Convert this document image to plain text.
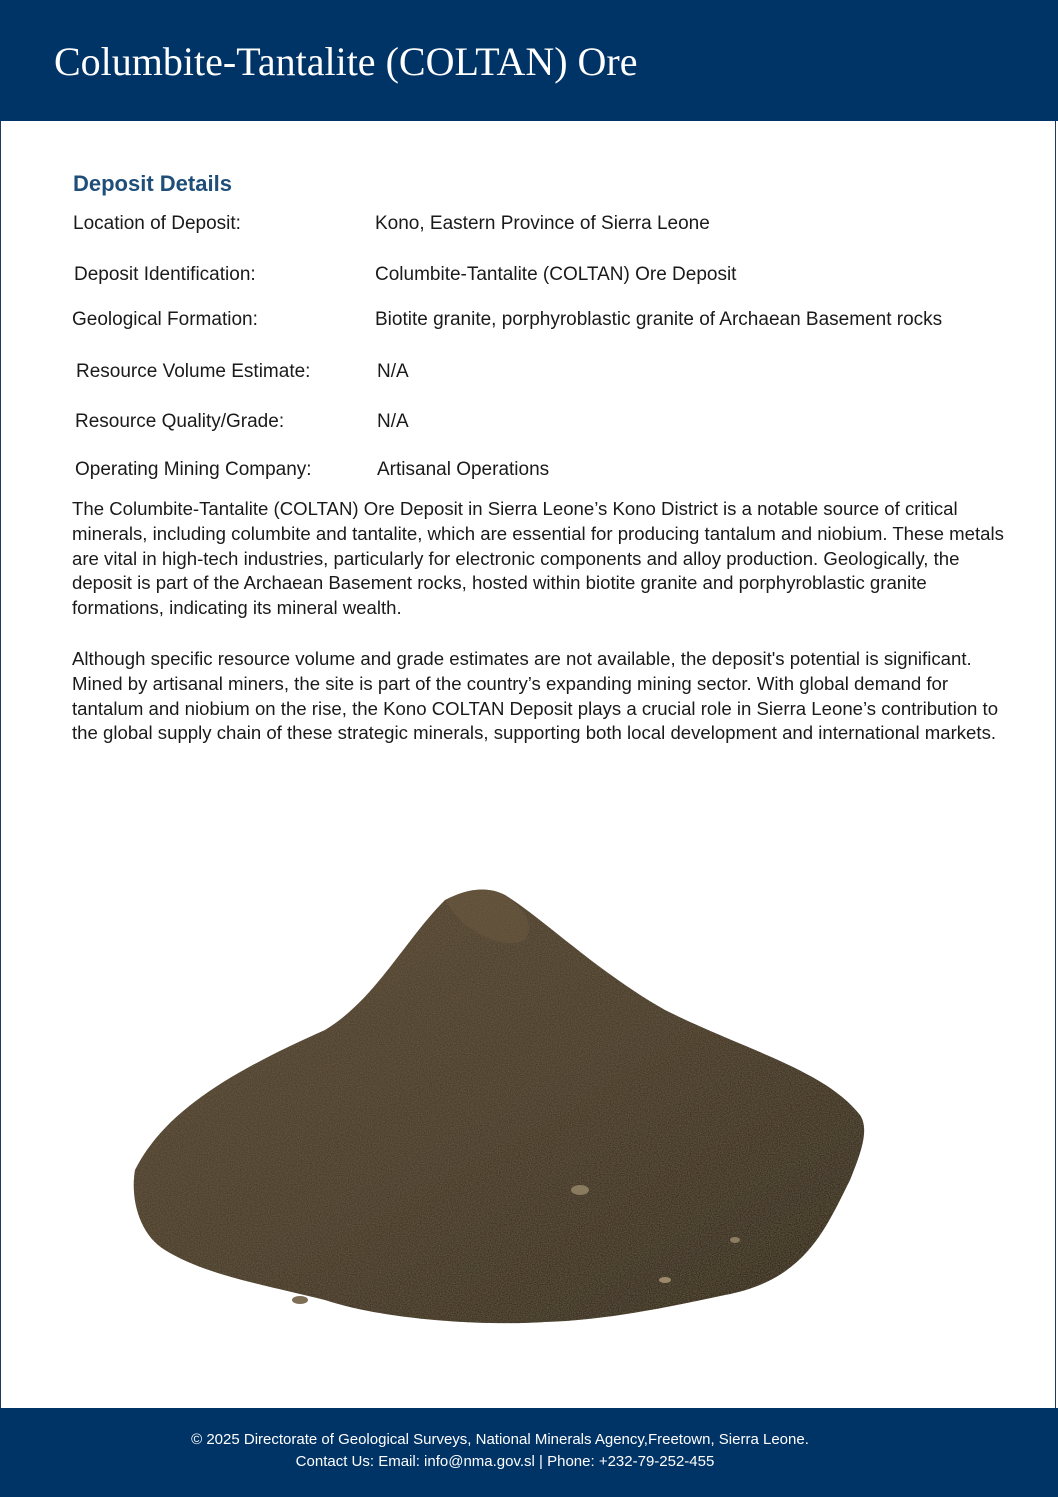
Columbite-Tantalite (COLTAN) Ore
Deposit Details
Location of Deposit:	Kono, Eastern Province of Sierra Leone
Deposit Identification:	Columbite-Tantalite (COLTAN) Ore Deposit
Geological Formation:	Biotite granite, porphyroblastic granite of Archaean Basement rocks
Resource Volume Estimate:	N/A
Resource Quality/Grade:	N/A
Operating Mining Company:	Artisanal Operations

The Columbite-Tantalite (COLTAN) Ore Deposit in Sierra Leone’s Kono District is a notable source of critical minerals, including columbite and tantalite, which are essential for producing tantalum and niobium. These metals are vital in high-tech industries, particularly for electronic components and alloy production. Geologically, the deposit is part of the Archaean Basement rocks, hosted within biotite granite and porphyroblastic granite formations, indicating its mineral wealth.

Although specific resource volume and grade estimates are not available, the deposit's potential is significant. Mined by artisanal miners, the site is part of the country’s expanding mining sector. With global demand for tantalum and niobium on the rise, the Kono COLTAN Deposit plays a crucial role in Sierra Leone’s contribution to the global supply chain of these strategic minerals, supporting both local development and international markets.

© 2025 Directorate of Geological Surveys, National Minerals Agency,Freetown, Sierra Leone.
Contact Us: Email: info@nma.gov.sl | Phone: +232-79-252-455
